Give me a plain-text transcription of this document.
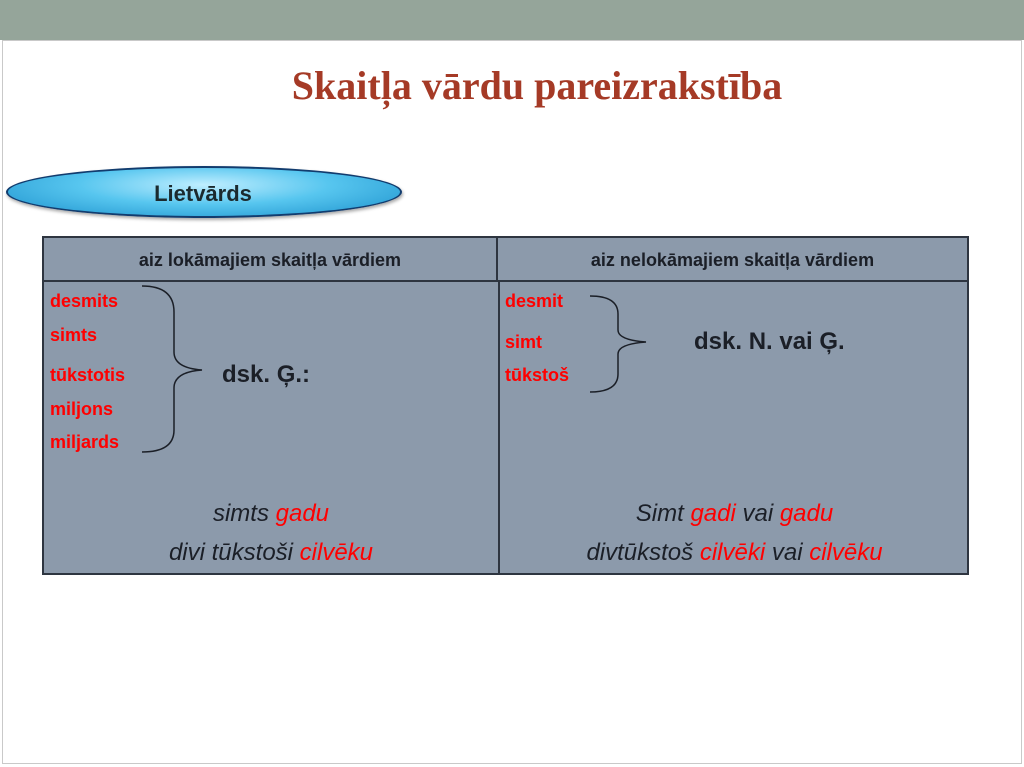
Skaitļa vārdu pareizrakstība
Lietvārds
aiz lokāmajiem skaitļa vārdiem	aiz nelokāmajiem skaitļa vārdiem
desmits
simts
tūkstotis
miljons
miljards
dsk. Ģ.:
simts gadu
divi tūkstoši cilvēku
desmit
simt
tūkstoš
dsk. N. vai Ģ.
Simt gadi vai gadu
divtūkstoš cilvēki vai cilvēku
